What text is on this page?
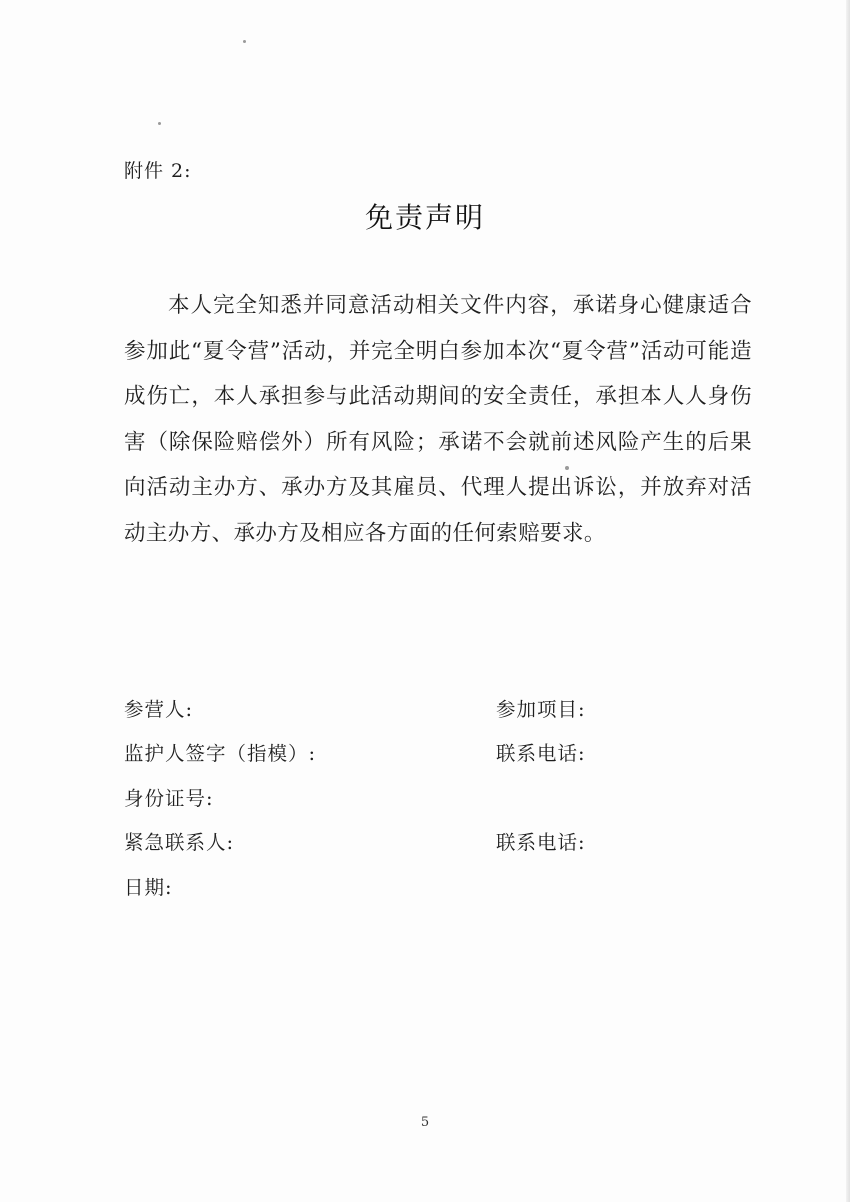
附件 2:
免责声明

本人完全知悉并同意活动相关文件内容，承诺身心健康适合参加此“夏令营”活动，并完全明白参加本次“夏令营”活动可能造成伤亡，本人承担参与此活动期间的安全责任，承担本人人身伤害（除保险赔偿外）所有风险；承诺不会就前述风险产生的后果向活动主办方、承办方及其雇员、代理人提出诉讼，并放弃对活动主办方、承办方及相应各方面的任何索赔要求。

参营人:	参加项目:
监护人签字（指模）:	联系电话:
身份证号:
紧急联系人:	联系电话:
日期:
5
